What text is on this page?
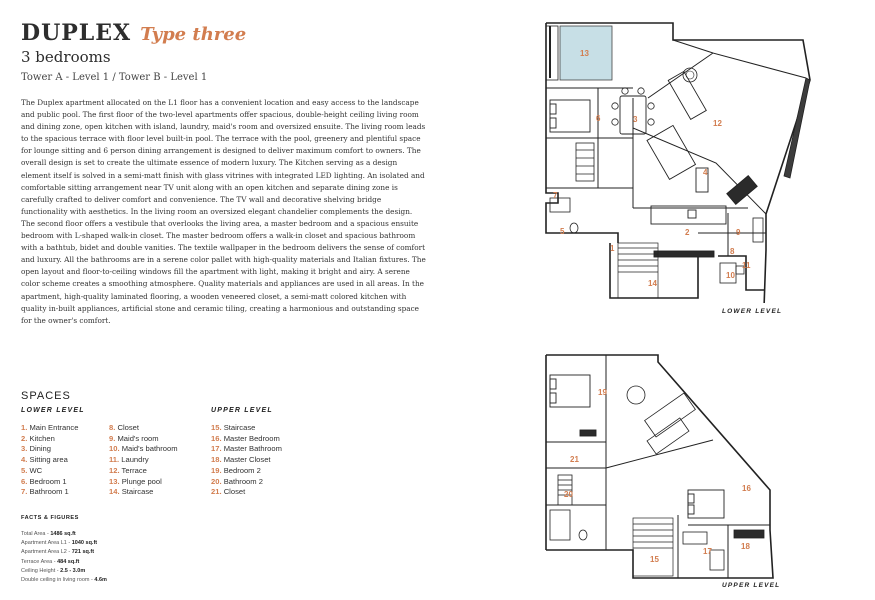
DUPLEX Type three
3 bedrooms
Tower A - Level 1 / Tower B - Level 1
The Duplex apartment allocated on the L1 floor has a convenient location and easy access to the landscape and public pool. The first floor of the two-level apartments offer spacious, double-height ceiling living room and dining zone, open kitchen with island, laundry, maid's room and oversized ensuite. The living room leads to the spacious terrace with floor level built-in pool. The terrace with the pool, greenery and plentiful space for lounge sitting and 6 person dining arrangement is designed to deliver maximum comfort to owners. The overall design is set to create the ultimate essence of modern luxury. The Kitchen serving as a design element itself is solved in a semi-matt finish with glass vitrines with integrated LED lighting. An isolated and comfortable sitting arrangement near TV unit along with an open kitchen and separate dining zone is carefully crafted to deliver comfort and convenience. The TV wall and decorative shelving bridge functionality with aesthetics. In the living room an oversized elegant chandelier complements the design. The second floor offers a vestibule that overlooks the living area, a master bedroom and a spacious ensuite bedroom with L-shaped walk-in closet. The master bedroom offers a walk-in closet and spacious bathroom with a bathtub, bidet and double vanities. The textile wallpaper in the bedroom delivers the sense of comfort and luxury. All the bathrooms are in a serene color pallet with high-quality materials and Italian fixtures. The open layout and floor-to-ceiling windows fill the apartment with light, making it bright and airy. A serene color scheme creates a smoothing atmosphere. Quality materials and appliances are used in all areas. In the apartment, high-quality laminated flooring, a wooden veneered closet, a semi-matt colored kitchen with quality in-built appliances, artificial stone and ceramic tiling, creating a harmonious and outstanding space for the owner's comfort.
SPACES
LOWER LEVEL	UPPER LEVEL
1. Main Entrance
2. Kitchen
3. Dining
4. Sitting area
5. WC
6. Bedroom 1
7. Bathroom 1
8. Closet
9. Maid's room
10. Maid's bathroom
11. Laundry
12. Terrace
13. Plunge pool
14. Staircase
15. Staircase
16. Master Bedroom
17. Master Bathroom
18. Master Closet
19. Bedroom 2
20. Bathroom 2
21. Closet
FACTS & FIGURES
Total Area - 1486 sq.ft
Apartment Area L1 - 1040 sq.ft
Apartment Area L2 - 721 sq.ft
Terrace Area - 484 sq.ft
Ceiling Height - 2.5 - 3.0m
Double ceiling in living room - 4.6m
13
6	3	12
4
7
5
1
2	9
8
10
11
14
LOWER LEVEL
19
21
20
16
15
17
18
UPPER LEVEL
